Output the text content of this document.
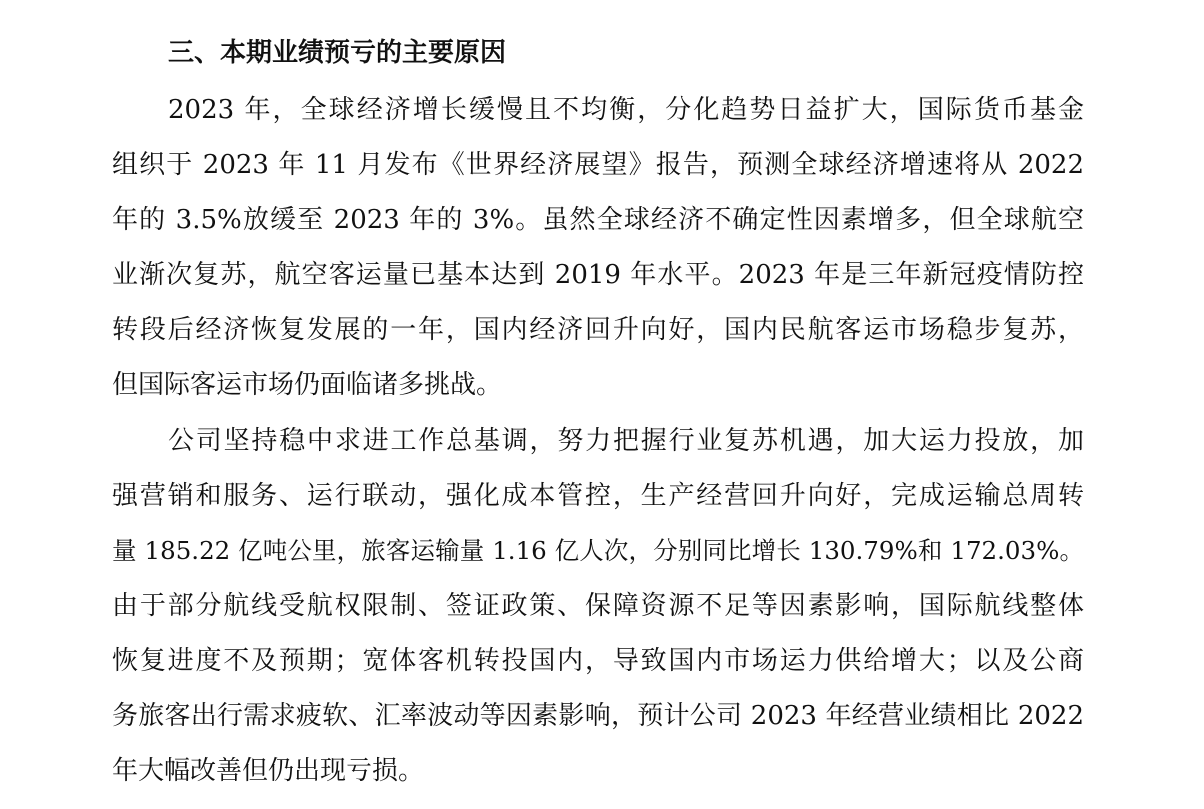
三、本期业绩预亏的主要原因
2023 年，全球经济增长缓慢且不均衡，分化趋势日益扩大，国际货币基金
组织于 2023 年 11 月发布《世界经济展望》报告，预测全球经济增速将从 2022
年的 3.5%放缓至 2023 年的 3%。虽然全球经济不确定性因素增多，但全球航空
业渐次复苏，航空客运量已基本达到 2019 年水平。2023 年是三年新冠疫情防控
转段后经济恢复发展的一年，国内经济回升向好，国内民航客运市场稳步复苏，
但国际客运市场仍面临诸多挑战。
公司坚持稳中求进工作总基调，努力把握行业复苏机遇，加大运力投放，加
强营销和服务、运行联动，强化成本管控，生产经营回升向好，完成运输总周转
量 185.22 亿吨公里，旅客运输量 1.16 亿人次，分别同比增长 130.79%和 172.03%。
由于部分航线受航权限制、签证政策、保障资源不足等因素影响，国际航线整体
恢复进度不及预期；宽体客机转投国内，导致国内市场运力供给增大；以及公商
务旅客出行需求疲软、汇率波动等因素影响，预计公司 2023 年经营业绩相比 2022
年大幅改善但仍出现亏损。
